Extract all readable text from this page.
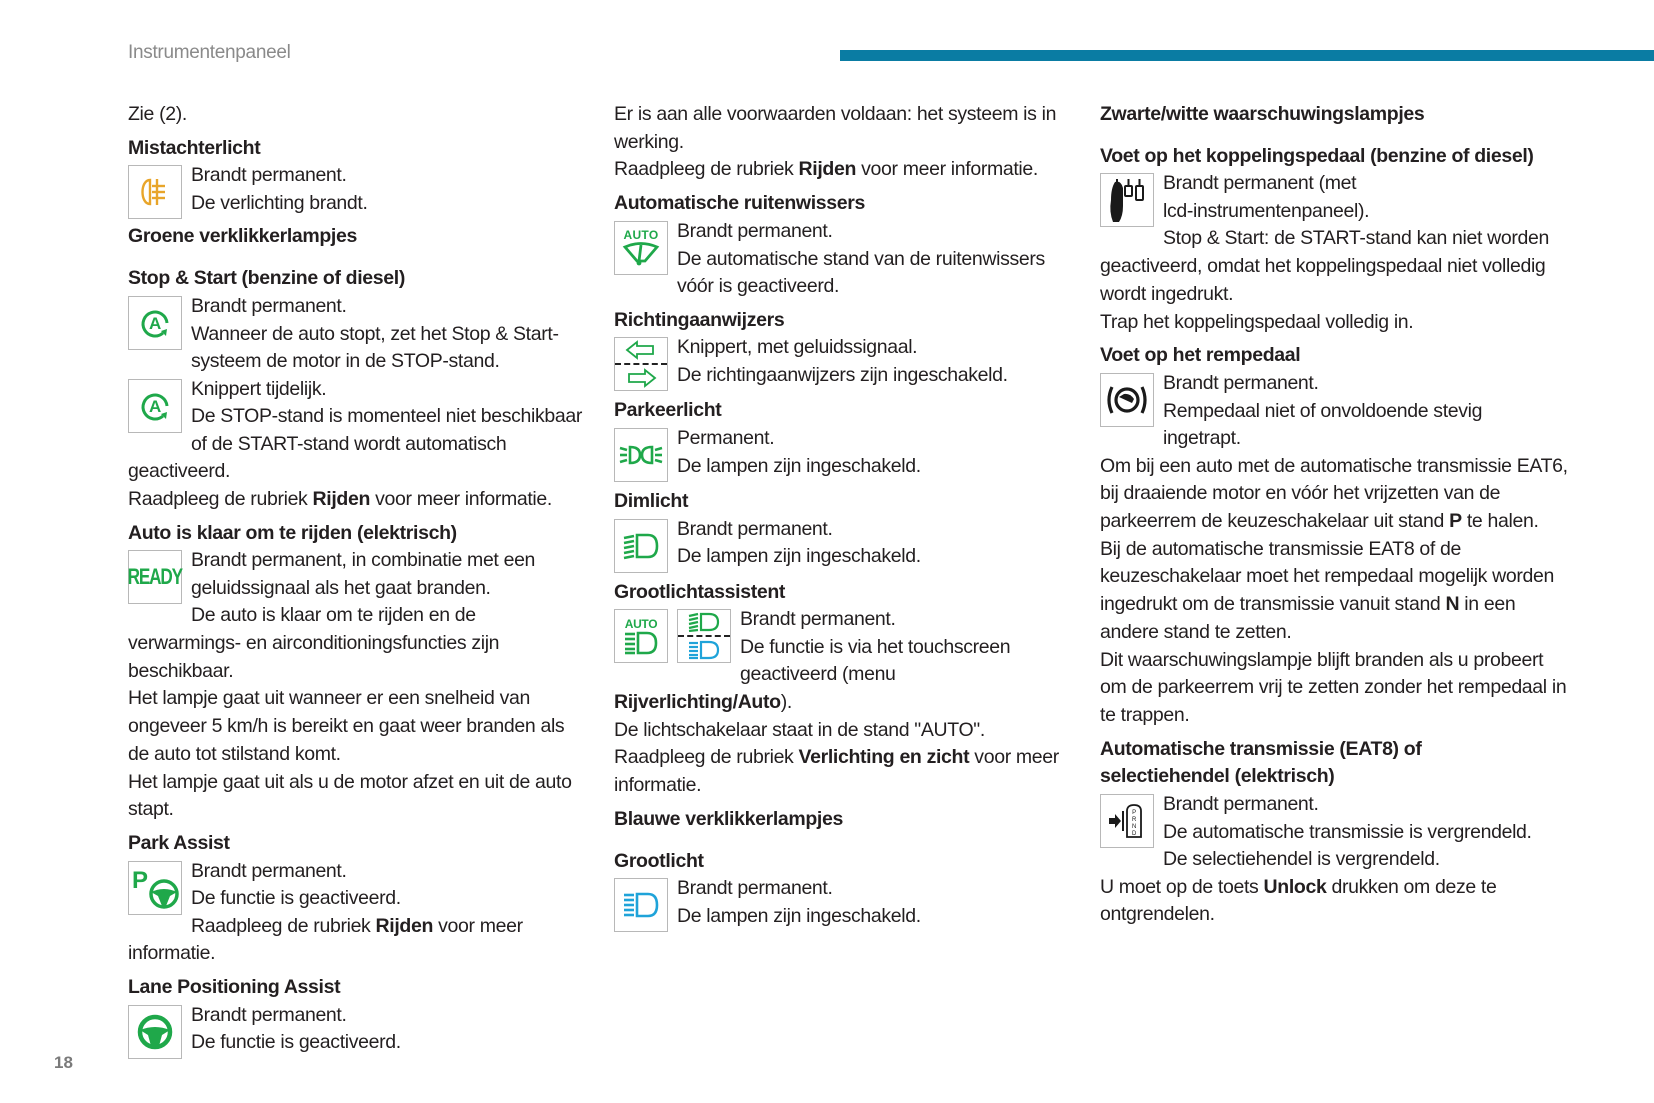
Instrumentenpaneel

Zie (2).

Mistachterlicht

Brandt permanent.

De verlichting brandt.

Groene verklikkerlampjes

Stop & Start (benzine of diesel)

A

Brandt permanent.

Wanneer de auto stopt, zet het Stop & Start-

systeem de motor in de STOP-stand.

A

Knippert tijdelijk.

De STOP-stand is momenteel niet beschikbaar

of de START-stand wordt automatisch geactiveerd.

Raadpleeg de rubriek Rijden voor meer informatie.

Auto is klaar om te rijden (elektrisch)

READY

Brandt permanent, in combinatie met een

geluidssignaal als het gaat branden.

De auto is klaar om te rijden en de verwarmings- en airconditioningsfuncties zijn beschikbaar.

Het lampje gaat uit wanneer er een snelheid van ongeveer 5 km/h is bereikt en gaat weer branden als de auto tot stilstand komt.

Het lampje gaat uit als u de motor afzet en uit de auto stapt.

Park Assist

P	Brandt permanent.

De functie is geactiveerd.

Raadpleeg de rubriek Rijden voor meer informatie.

Lane Positioning Assist

Brandt permanent.

De functie is geactiveerd.

Er is aan alle voorwaarden voldaan: het systeem is in werking.

Raadpleeg de rubriek Rijden voor meer informatie.

Automatische ruitenwissers

AUTO Brandt permanent.

De automatische stand van de ruitenwissers

vóór is geactiveerd.

Richtingaanwijzers

Knippert, met geluidssignaal.

De richtingaanwijzers zijn ingeschakeld.

Parkeerlicht

Permanent.

De lampen zijn ingeschakeld.

Dimlicht

Brandt permanent.

De lampen zijn ingeschakeld.

Grootlichtassistent

AUTO	Brandt permanent.

De functie is via het touchscreen

geactiveerd (menu Rijverlichting/Auto).

De lichtschakelaar staat in de stand "AUTO".

Raadpleeg de rubriek Verlichting en zicht voor meer informatie.

Blauwe verklikkerlampjes

Grootlicht

Brandt permanent.

De lampen zijn ingeschakeld.

Zwarte/witte waarschuwingslampjes

Voet op het koppelingspedaal (benzine of diesel)

Brandt permanent (met

lcd-instrumentenpaneel).

Stop & Start: de START-stand kan niet worden geactiveerd, omdat het koppelingspedaal niet volledig wordt ingedrukt.

Trap het koppelingspedaal volledig in.

Voet op het rempedaal

Brandt permanent.

Rempedaal niet of onvoldoende stevig

ingetrapt.

Om bij een auto met de automatische transmissie EAT6, bij draaiende motor en vóór het vrijzetten van de parkeerrem de keuzeschakelaar uit stand P te halen.

Bij de automatische transmissie EAT8 of de keuzeschakelaar moet het rempedaal mogelijk worden ingedrukt om de transmissie vanuit stand N in een andere stand te zetten.

Dit waarschuwingslampje blijft branden als u probeert om de parkeerrem vrij te zetten zonder het rempedaal in te trappen.

Automatische transmissie (EAT8) of selectiehendel (elektrisch)

P
R
N
D

Brandt permanent.

De automatische transmissie is vergrendeld.

De selectiehendel is vergrendeld.

U moet op de toets Unlock drukken om deze te ontgrendelen.

18
